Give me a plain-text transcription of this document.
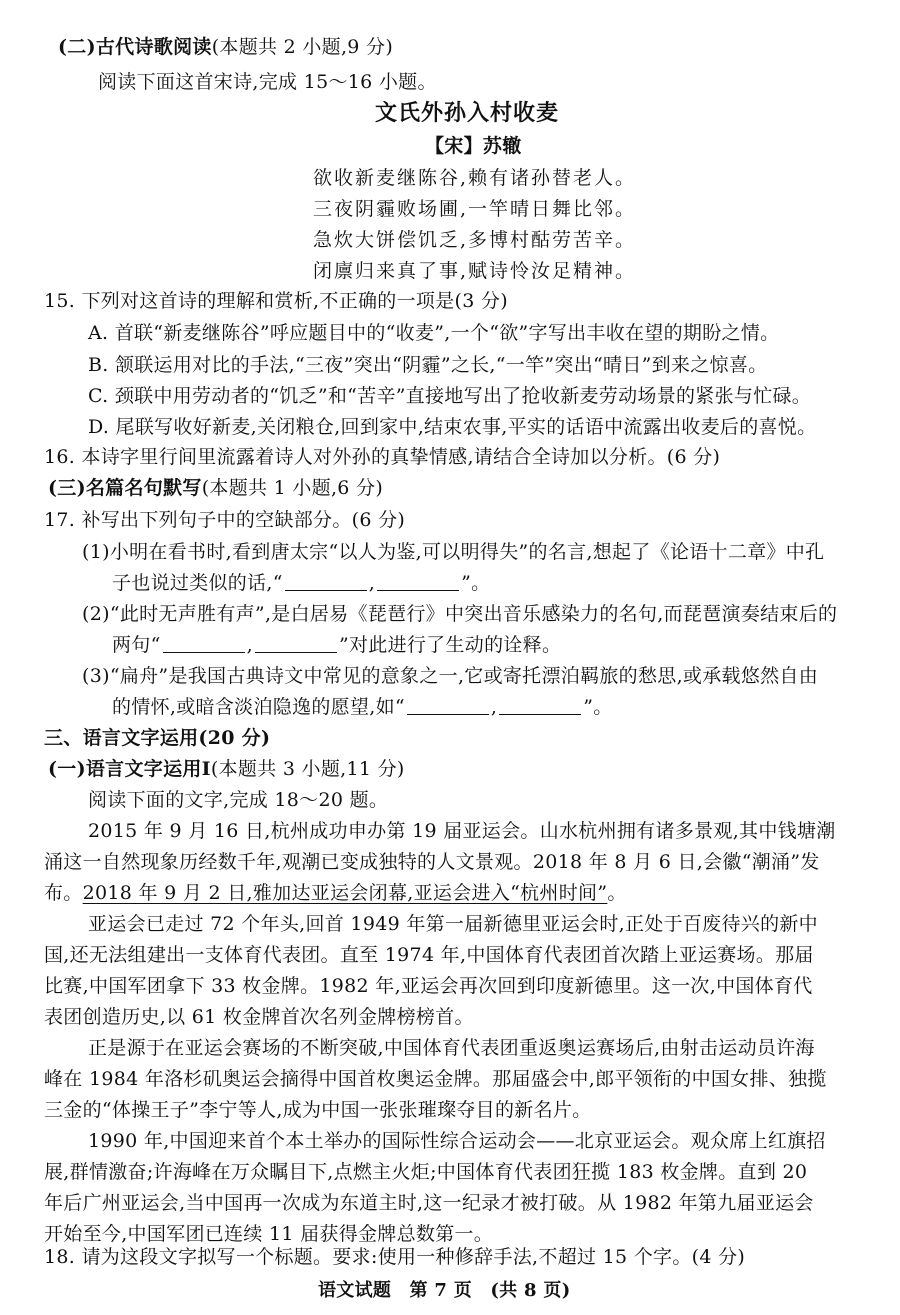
(二)古代诗歌阅读(本题共 2 小题,9 分)
阅读下面这首宋诗,完成 15～16 小题。
文氏外孙入村收麦
【宋】苏辙
欲收新麦继陈谷,赖有诸孙替老人。
三夜阴霾败场圃,一竿晴日舞比邻。
急炊大饼偿饥乏,多博村酤劳苦辛。
闭廪归来真了事,赋诗怜汝足精神。
15. 下列对这首诗的理解和赏析,不正确的一项是(3 分)
A. 首联“新麦继陈谷”呼应题目中的“收麦”,一个“欲”字写出丰收在望的期盼之情。
B. 颔联运用对比的手法,“三夜”突出“阴霾”之长,“一竿”突出“晴日”到来之惊喜。
C. 颈联中用劳动者的“饥乏”和“苦辛”直接地写出了抢收新麦劳动场景的紧张与忙碌。
D. 尾联写收好新麦,关闭粮仓,回到家中,结束农事,平实的话语中流露出收麦后的喜悦。
16. 本诗字里行间里流露着诗人对外孙的真挚情感,请结合全诗加以分析。(6 分)
(三)名篇名句默写(本题共 1 小题,6 分)
17. 补写出下列句子中的空缺部分。(6 分)
(1)小明在看书时,看到唐太宗“以人为鉴,可以明得失”的名言,想起了《论语十二章》中孔
子也说过类似的话,“	,	”。
(2)“此时无声胜有声”,是白居易《琵琶行》中突出音乐感染力的名句,而琵琶演奏结束后的
两句“	,	”对此进行了生动的诠释。
(3)“扁舟”是我国古典诗文中常见的意象之一,它或寄托漂泊羁旅的愁思,或承载悠然自由
的情怀,或暗含淡泊隐逸的愿望,如“	,	”。
三、语言文字运用(20 分)
(一)语言文字运用Ⅰ(本题共 3 小题,11 分)
阅读下面的文字,完成 18～20 题。
2015 年 9 月 16 日,杭州成功申办第 19 届亚运会。山水杭州拥有诸多景观,其中钱塘潮
涌这一自然现象历经数千年,观潮已变成独特的人文景观。2018 年 8 月 6 日,会徽“潮涌”发
布。2018 年 9 月 2 日,雅加达亚运会闭幕,亚运会进入“杭州时间”。
亚运会已走过 72 个年头,回首 1949 年第一届新德里亚运会时,正处于百废待兴的新中
国,还无法组建出一支体育代表团。直至 1974 年,中国体育代表团首次踏上亚运赛场。那届
比赛,中国军团拿下 33 枚金牌。1982 年,亚运会再次回到印度新德里。这一次,中国体育代
表团创造历史,以 61 枚金牌首次名列金牌榜榜首。
正是源于在亚运会赛场的不断突破,中国体育代表团重返奥运赛场后,由射击运动员许海
峰在 1984 年洛杉矶奥运会摘得中国首枚奥运金牌。那届盛会中,郎平领衔的中国女排、独揽
三金的“体操王子”李宁等人,成为中国一张张璀璨夺目的新名片。
1990 年,中国迎来首个本土举办的国际性综合运动会——北京亚运会。观众席上红旗招
展,群情激奋;许海峰在万众瞩目下,点燃主火炬;中国体育代表团狂揽 183 枚金牌。直到 20
年后广州亚运会,当中国再一次成为东道主时,这一纪录才被打破。从 1982 年第九届亚运会
开始至今,中国军团已连续 11 届获得金牌总数第一。
18. 请为这段文字拟写一个标题。要求:使用一种修辞手法,不超过 15 个字。(4 分)
语文试题　第 7 页　(共 8 页)
